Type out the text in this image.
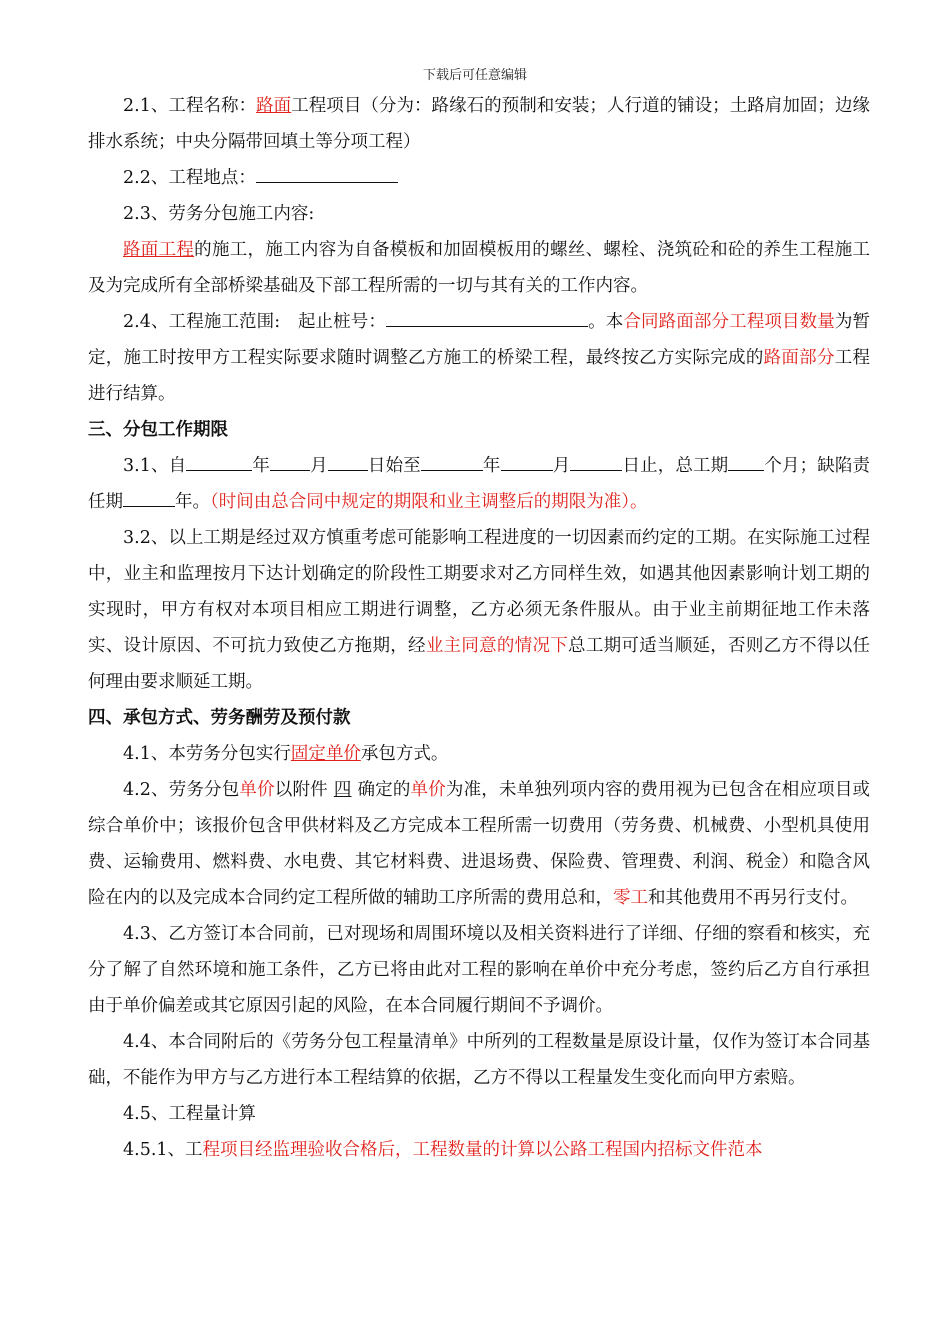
下载后可任意编辑

2.1、工程名称：路面工程项目（分为：路缘石的预制和安装；人行道的铺设；土路肩加固；边缘排水系统；中央分隔带回填土等分项工程）

2.2、工程地点：

2.3、劳务分包施工内容:

路面工程的施工，施工内容为自备模板和加固模板用的螺丝、螺栓、浇筑砼和砼的养生工程施工及为完成所有全部桥梁基础及下部工程所需的一切与其有关的工作内容。

2.4、工程施工范围:　起止桩号：	。本合同路面部分工程项目数量为暂定，施工时按甲方工程实际要求随时调整乙方施工的桥梁工程，最终按乙方实际完成的路面部分工程进行结算。

三、分包工作期限

3.1、自	年 月 日始至	年	月	日止，总工期 个月；缺陷责任期	年。（时间由总合同中规定的期限和业主调整后的期限为准）。

3.2、以上工期是经过双方慎重考虑可能影响工程进度的一切因素而约定的工期。在实际施工过程中，业主和监理按月下达计划确定的阶段性工期要求对乙方同样生效，如遇其他因素影响计划工期的实现时，甲方有权对本项目相应工期进行调整，乙方必须无条件服从。由于业主前期征地工作未落实、设计原因、不可抗力致使乙方拖期，经业主同意的情况下总工期可适当顺延，否则乙方不得以任何理由要求顺延工期。

四、承包方式、劳务酬劳及预付款

4.1、本劳务分包实行固定单价承包方式。

4.2、劳务分包单价以附件 四 确定的单价为准，未单独列项内容的费用视为已包含在相应项目或综合单价中；该报价包含甲供材料及乙方完成本工程所需一切费用（劳务费、机械费、小型机具使用费、运输费用、燃料费、水电费、其它材料费、进退场费、保险费、管理费、利润、税金）和隐含风险在内的以及完成本合同约定工程所做的辅助工序所需的费用总和，零工和其他费用不再另行支付。

4.3、乙方签订本合同前，已对现场和周围环境以及相关资料进行了详细、仔细的察看和核实，充分了解了自然环境和施工条件，乙方已将由此对工程的影响在单价中充分考虑，签约后乙方自行承担由于单价偏差或其它原因引起的风险，在本合同履行期间不予调价。

4.4、本合同附后的《劳务分包工程量清单》中所列的工程数量是原设计量，仅作为签订本合同基础，不能作为甲方与乙方进行本工程结算的依据，乙方不得以工程量发生变化而向甲方索赔。

4.5、工程量计算

4.5.1、工程项目经监理验收合格后，工程数量的计算以公路工程国内招标文件范本
